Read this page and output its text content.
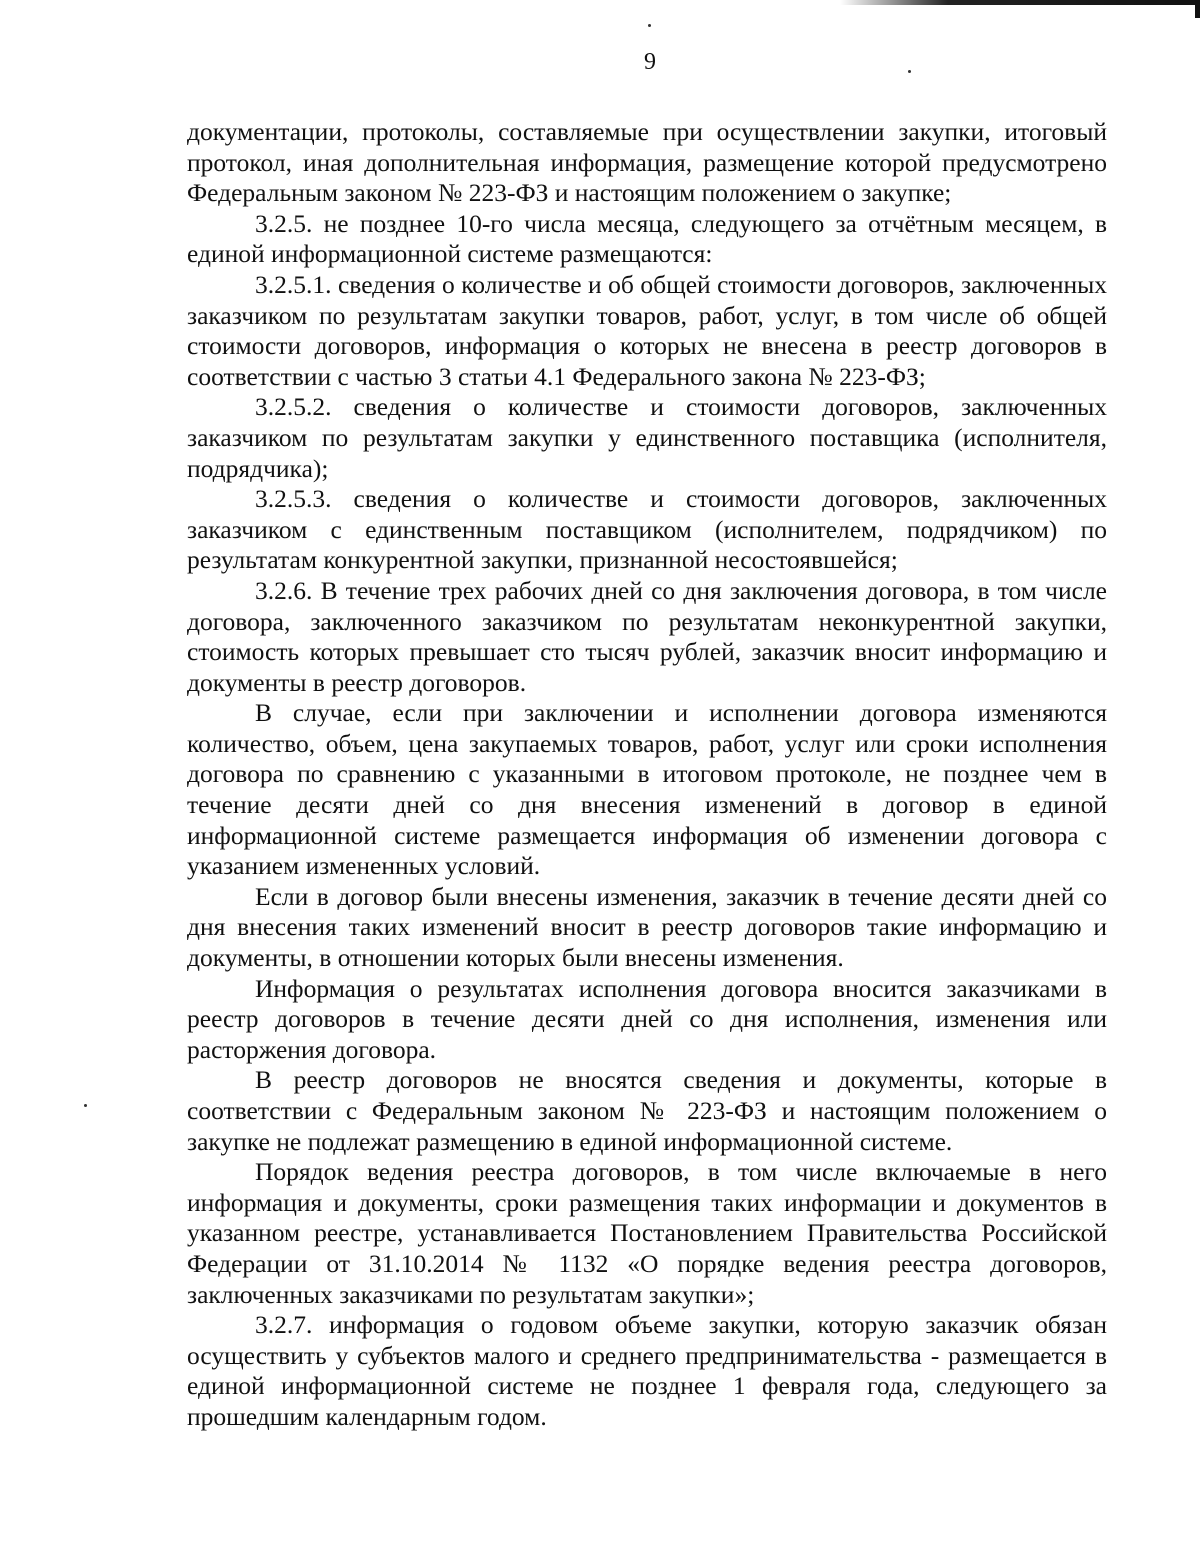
9

документации, протоколы, составляемые при осуществлении закупки, итоговый протокол, иная дополнительная информация, размещение которой предусмотрено Федеральным законом № 223-ФЗ и настоящим положением о закупке;

3.2.5. не позднее 10-го числа месяца, следующего за отчётным месяцем, в единой информационной системе размещаются:

3.2.5.1. сведения о количестве и об общей стоимости договоров, заключенных заказчиком по результатам закупки товаров, работ, услуг, в том числе об общей стоимости договоров, информация о которых не внесена в реестр договоров в соответствии с частью 3 статьи 4.1 Федерального закона № 223-ФЗ;

3.2.5.2. сведения о количестве и стоимости договоров, заключенных заказчиком по результатам закупки у единственного поставщика (исполнителя, подрядчика);

3.2.5.3. сведения о количестве и стоимости договоров, заключенных заказчиком с единственным поставщиком (исполнителем, подрядчиком) по результатам конкурентной закупки, признанной несостоявшейся;

3.2.6. В течение трех рабочих дней со дня заключения договора, в том числе договора, заключенного заказчиком по результатам неконкурентной закупки, стоимость которых превышает сто тысяч рублей, заказчик вносит информацию и документы в реестр договоров.

В случае, если при заключении и исполнении договора изменяются количество, объем, цена закупаемых товаров, работ, услуг или сроки исполнения договора по сравнению с указанными в итоговом протоколе, не позднее чем в течение десяти дней со дня внесения изменений в договор в единой информационной системе размещается информация об изменении договора с указанием измененных условий.

Если в договор были внесены изменения, заказчик в течение десяти дней со дня внесения таких изменений вносит в реестр договоров такие информацию и документы, в отношении которых были внесены изменения.

Информация о результатах исполнения договора вносится заказчиками в реестр договоров в течение десяти дней со дня исполнения, изменения или расторжения договора.

В реестр договоров не вносятся сведения и документы, которые в соответствии с Федеральным законом № 223-ФЗ и настоящим положением о закупке не подлежат размещению в единой информационной системе.

Порядок ведения реестра договоров, в том числе включаемые в него информация и документы, сроки размещения таких информации и документов в указанном реестре, устанавливается Постановлением Правительства Российской Федерации от 31.10.2014 № 1132 «О порядке ведения реестра договоров, заключенных заказчиками по результатам закупки»;

3.2.7. информация о годовом объеме закупки, которую заказчик обязан осуществить у субъектов малого и среднего предпринимательства - размещается в единой информационной системе не позднее 1 февраля года, следующего за прошедшим календарным годом.
